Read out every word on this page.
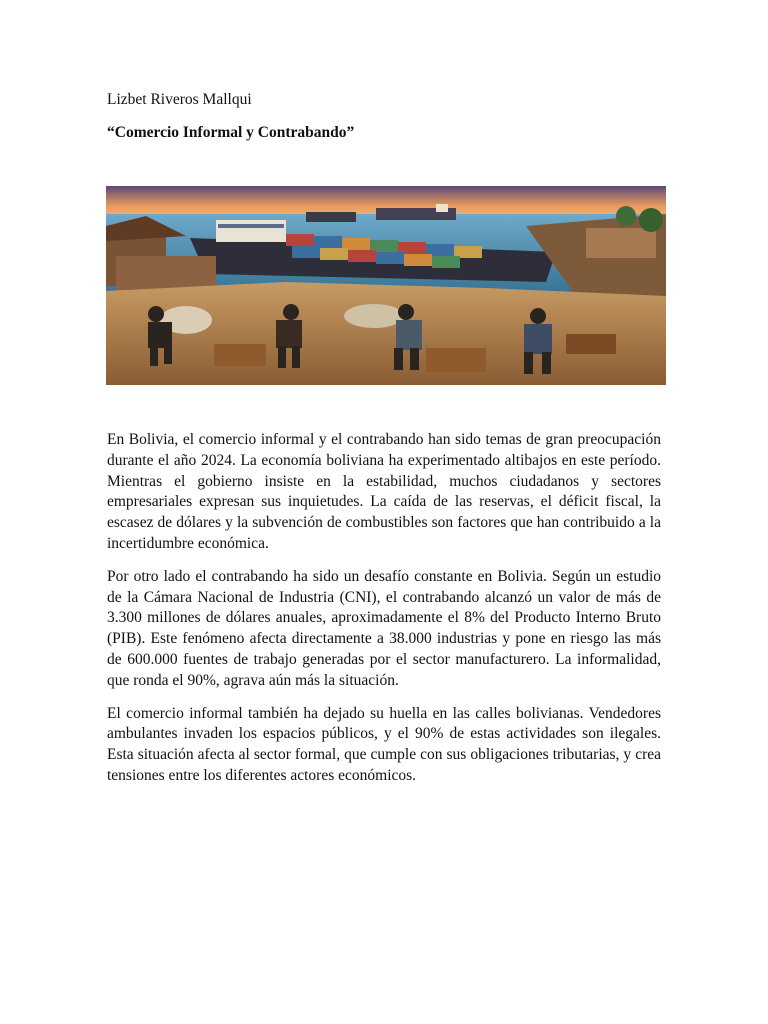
Lizbet Riveros Mallqui
“Comercio Informal y Contrabando”

En Bolivia, el comercio informal y el contrabando han sido temas de gran preocupación durante el año 2024. La economía boliviana ha experimentado altibajos en este período. Mientras el gobierno insiste en la estabilidad, muchos ciudadanos y sectores empresariales expresan sus inquietudes. La caída de las reservas, el déficit fiscal, la escasez de dólares y la subvención de combustibles son factores que han contribuido a la incertidumbre económica.

Por otro lado el contrabando ha sido un desafío constante en Bolivia. Según un estudio de la Cámara Nacional de Industria (CNI), el contrabando alcanzó un valor de más de 3.300 millones de dólares anuales, aproximadamente el 8% del Producto Interno Bruto (PIB). Este fenómeno afecta directamente a 38.000 industrias y pone en riesgo las más de 600.000 fuentes de trabajo generadas por el sector manufacturero. La informalidad, que ronda el 90%, agrava aún más la situación.

El comercio informal también ha dejado su huella en las calles bolivianas. Vendedores ambulantes invaden los espacios públicos, y el 90% de estas actividades son ilegales. Esta situación afecta al sector formal, que cumple con sus obligaciones tributarias, y crea tensiones entre los diferentes actores económicos.
